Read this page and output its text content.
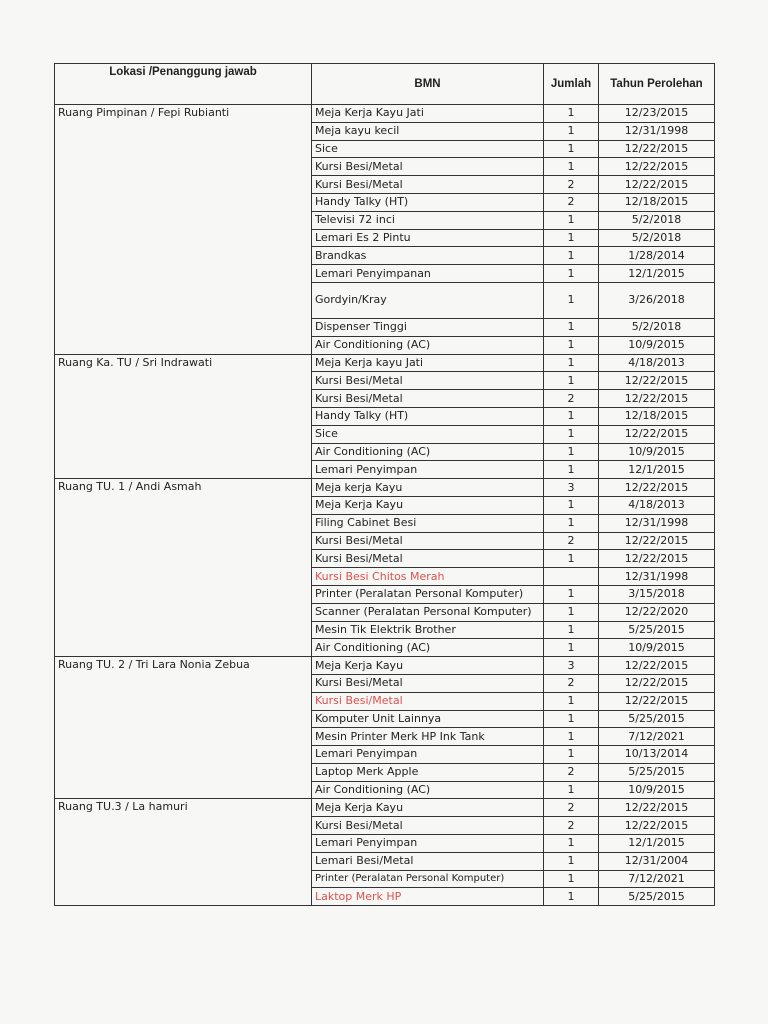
Lokasi /Penanggung jawab	BMN	Jumlah	Tahun Perolehan
Ruang Pimpinan / Fepi Rubianti	Meja Kerja Kayu Jati	1	12/23/2015
	Meja kayu kecil	1	12/31/1998
	Sice	1	12/22/2015
	Kursi Besi/Metal	1	12/22/2015
	Kursi Besi/Metal	2	12/22/2015
	Handy Talky (HT)	2	12/18/2015
	Televisi 72 inci	1	5/2/2018
	Lemari Es 2 Pintu	1	5/2/2018
	Brandkas	1	1/28/2014
	Lemari Penyimpanan	1	12/1/2015
	Gordyin/Kray	1	3/26/2018
	Dispenser Tinggi	1	5/2/2018
	Air Conditioning (AC)	1	10/9/2015
Ruang Ka. TU / Sri Indrawati	Meja Kerja kayu Jati	1	4/18/2013
	Kursi Besi/Metal	1	12/22/2015
	Kursi Besi/Metal	2	12/22/2015
	Handy Talky (HT)	1	12/18/2015
	Sice	1	12/22/2015
	Air Conditioning (AC)	1	10/9/2015
	Lemari Penyimpan	1	12/1/2015
Ruang TU. 1 / Andi Asmah	Meja kerja Kayu	3	12/22/2015
	Meja Kerja Kayu	1	4/18/2013
	Filing Cabinet Besi	1	12/31/1998
	Kursi Besi/Metal	2	12/22/2015
	Kursi Besi/Metal	1	12/22/2015
	Kursi Besi Chitos Merah		12/31/1998
	Printer (Peralatan Personal Komputer)	1	3/15/2018
	Scanner (Peralatan Personal Komputer)	1	12/22/2020
	Mesin Tik Elektrik Brother	1	5/25/2015
	Air Conditioning (AC)	1	10/9/2015
Ruang TU. 2 / Tri Lara Nonia Zebua	Meja Kerja Kayu	3	12/22/2015
	Kursi Besi/Metal	2	12/22/2015
	Kursi Besi/Metal	1	12/22/2015
	Komputer Unit Lainnya	1	5/25/2015
	Mesin Printer Merk HP Ink Tank	1	7/12/2021
	Lemari Penyimpan	1	10/13/2014
	Laptop Merk Apple	2	5/25/2015
	Air Conditioning (AC)	1	10/9/2015
Ruang TU.3 / La hamuri	Meja Kerja Kayu	2	12/22/2015
	Kursi Besi/Metal	2	12/22/2015
	Lemari Penyimpan	1	12/1/2015
	Lemari Besi/Metal	1	12/31/2004
	Printer (Peralatan Personal Komputer)	1	7/12/2021
	Laktop Merk HP	1	5/25/2015
